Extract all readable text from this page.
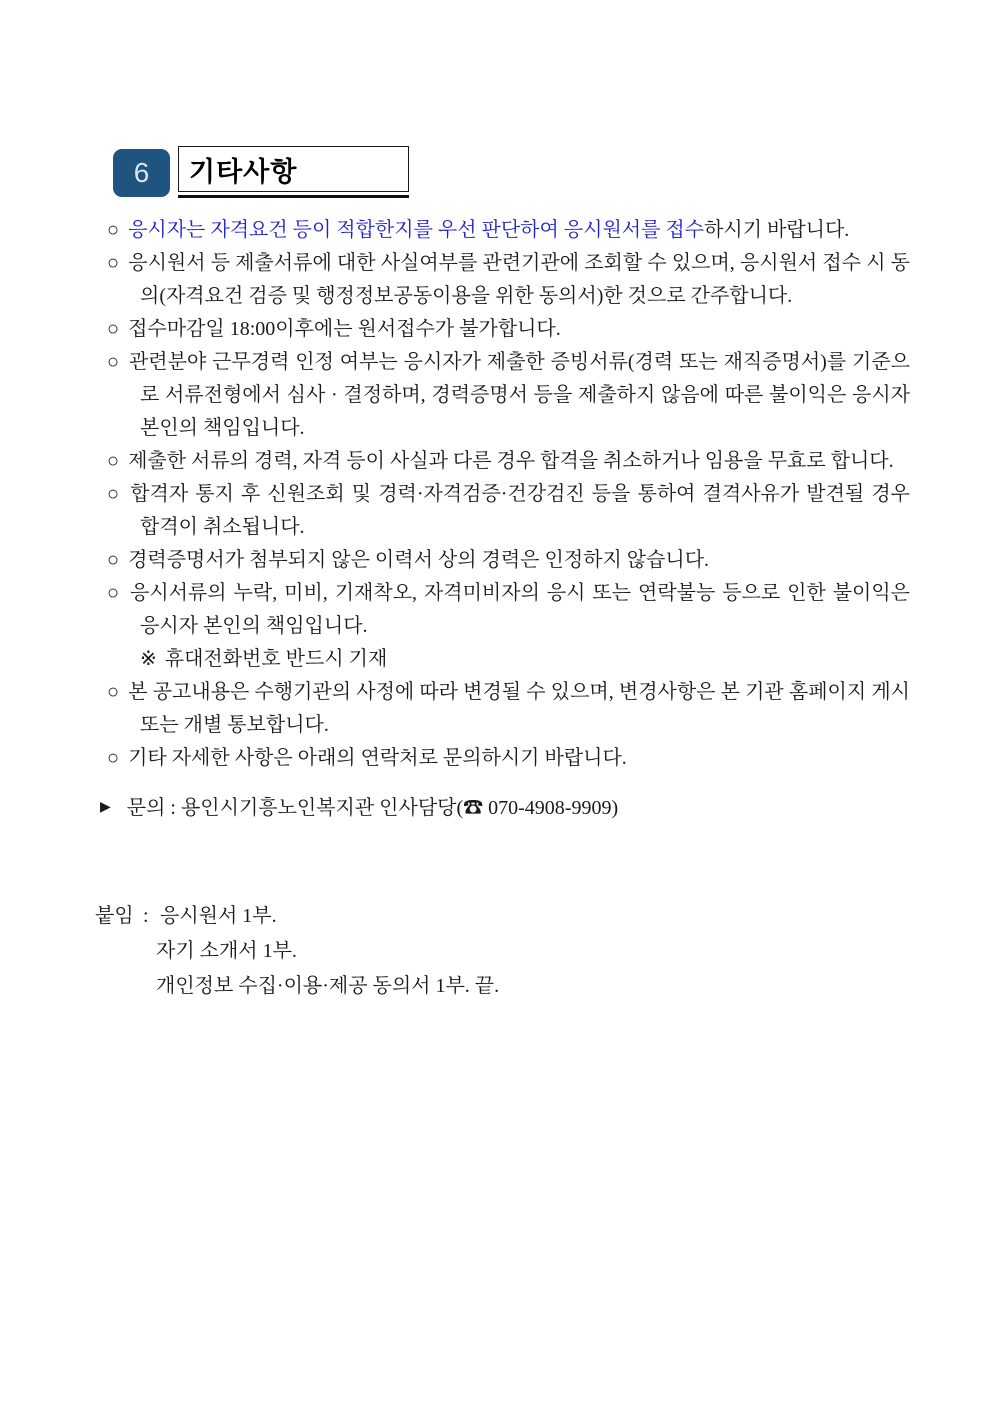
6	기타사항
○ 응시자는 자격요건 등이 적합한지를 우선 판단하여 응시원서를 접수하시기 바랍니다.
○ 응시원서 등 제출서류에 대한 사실여부를 관련기관에 조회할 수 있으며, 응시원서 접수 시 동의(자격요건 검증 및 행정정보공동이용을 위한 동의서)한 것으로 간주합니다.
○ 접수마감일 18:00이후에는 원서접수가 불가합니다.
○ 관련분야 근무경력 인정 여부는 응시자가 제출한 증빙서류(경력 또는 재직증명서)를 기준으로 서류전형에서 심사 · 결정하며, 경력증명서 등을 제출하지 않음에 따른 불이익은 응시자 본인의 책임입니다.
○ 제출한 서류의 경력, 자격 등이 사실과 다른 경우 합격을 취소하거나 임용을 무효로 합니다.
○ 합격자 통지 후 신원조회 및 경력·자격검증·건강검진 등을 통하여 결격사유가 발견될 경우 합격이 취소됩니다.
○ 경력증명서가 첨부되지 않은 이력서 상의 경력은 인정하지 않습니다.
○ 응시서류의 누락, 미비, 기재착오, 자격미비자의 응시 또는 연락불능 등으로 인한 불이익은 응시자 본인의 책임입니다.
※ 휴대전화번호 반드시 기재
○ 본 공고내용은 수행기관의 사정에 따라 변경될 수 있으며, 변경사항은 본 기관 홈페이지 게시 또는 개별 통보합니다.
○ 기타 자세한 사항은 아래의 연락처로 문의하시기 바랍니다.
▶ 문의 : 용인시기흥노인복지관 인사담당(☎ 070-4908-9909)
붙임 : 응시원서 1부.
자기 소개서 1부.
개인정보 수집·이용·제공 동의서 1부. 끝.
